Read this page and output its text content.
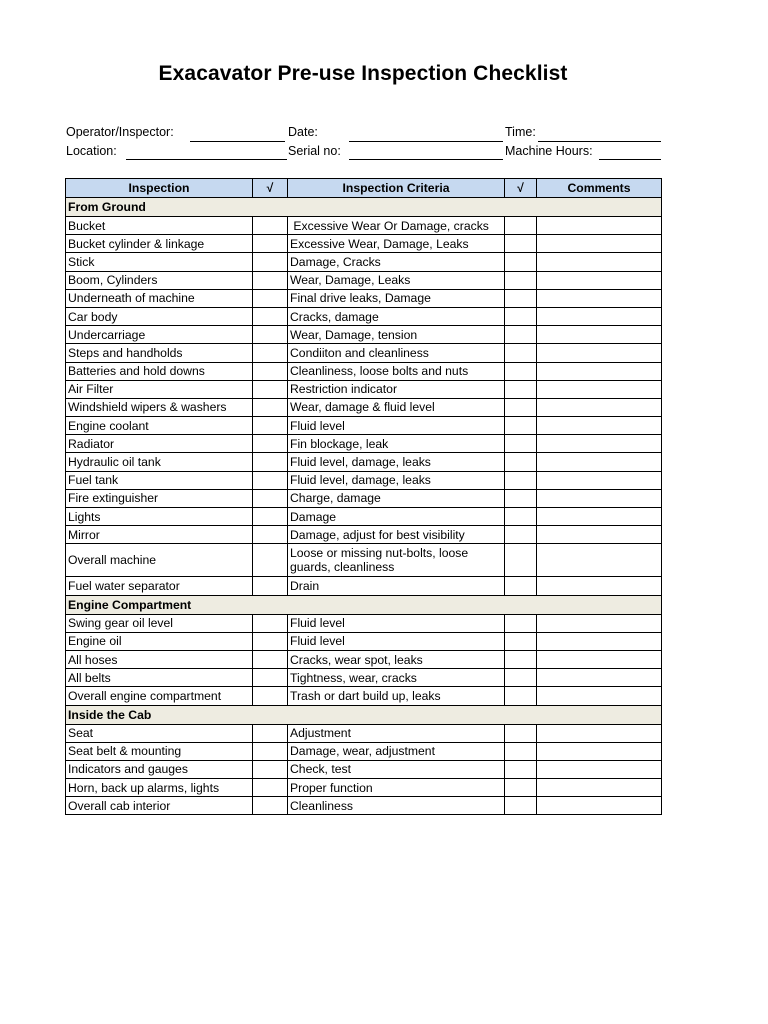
Exacavator Pre-use Inspection Checklist
Operator/Inspector:	Date:	Time:
Location:	Serial no:	Machine Hours:
Inspection	√	Inspection Criteria	√	Comments
From Ground				
Bucket		Excessive Wear Or Damage, cracks		
Bucket cylinder & linkage		Excessive Wear, Damage, Leaks		
Stick		Damage, Cracks		
Boom, Cylinders		Wear, Damage, Leaks		
Underneath of machine		Final drive leaks, Damage		
Car body		Cracks, damage		
Undercarriage		Wear, Damage, tension		
Steps and handholds		Condiiton and cleanliness		
Batteries and hold downs		Cleanliness, loose bolts and nuts		
Air Filter		Restriction indicator		
Windshield wipers & washers		Wear, damage & fluid level		
Engine coolant		Fluid level		
Radiator		Fin blockage, leak		
Hydraulic oil tank		Fluid level, damage, leaks		
Fuel tank		Fluid level, damage, leaks		
Fire extinguisher		Charge, damage		
Lights		Damage		
Mirror		Damage, adjust for best visibility		
Overall machine		Loose or missing nut-bolts, loose guards, cleanliness		
Fuel water separator		Drain		
Engine Compartment				
Swing gear oil level		Fluid level		
Engine oil		Fluid level		
All hoses		Cracks, wear spot, leaks		
All belts		Tightness, wear, cracks		
Overall engine compartment		Trash or dart build up, leaks		
Inside the Cab				
Seat		Adjustment		
Seat belt & mounting		Damage, wear, adjustment		
Indicators and gauges		Check, test		
Horn, back up alarms, lights		Proper function		
Overall cab interior		Cleanliness		
